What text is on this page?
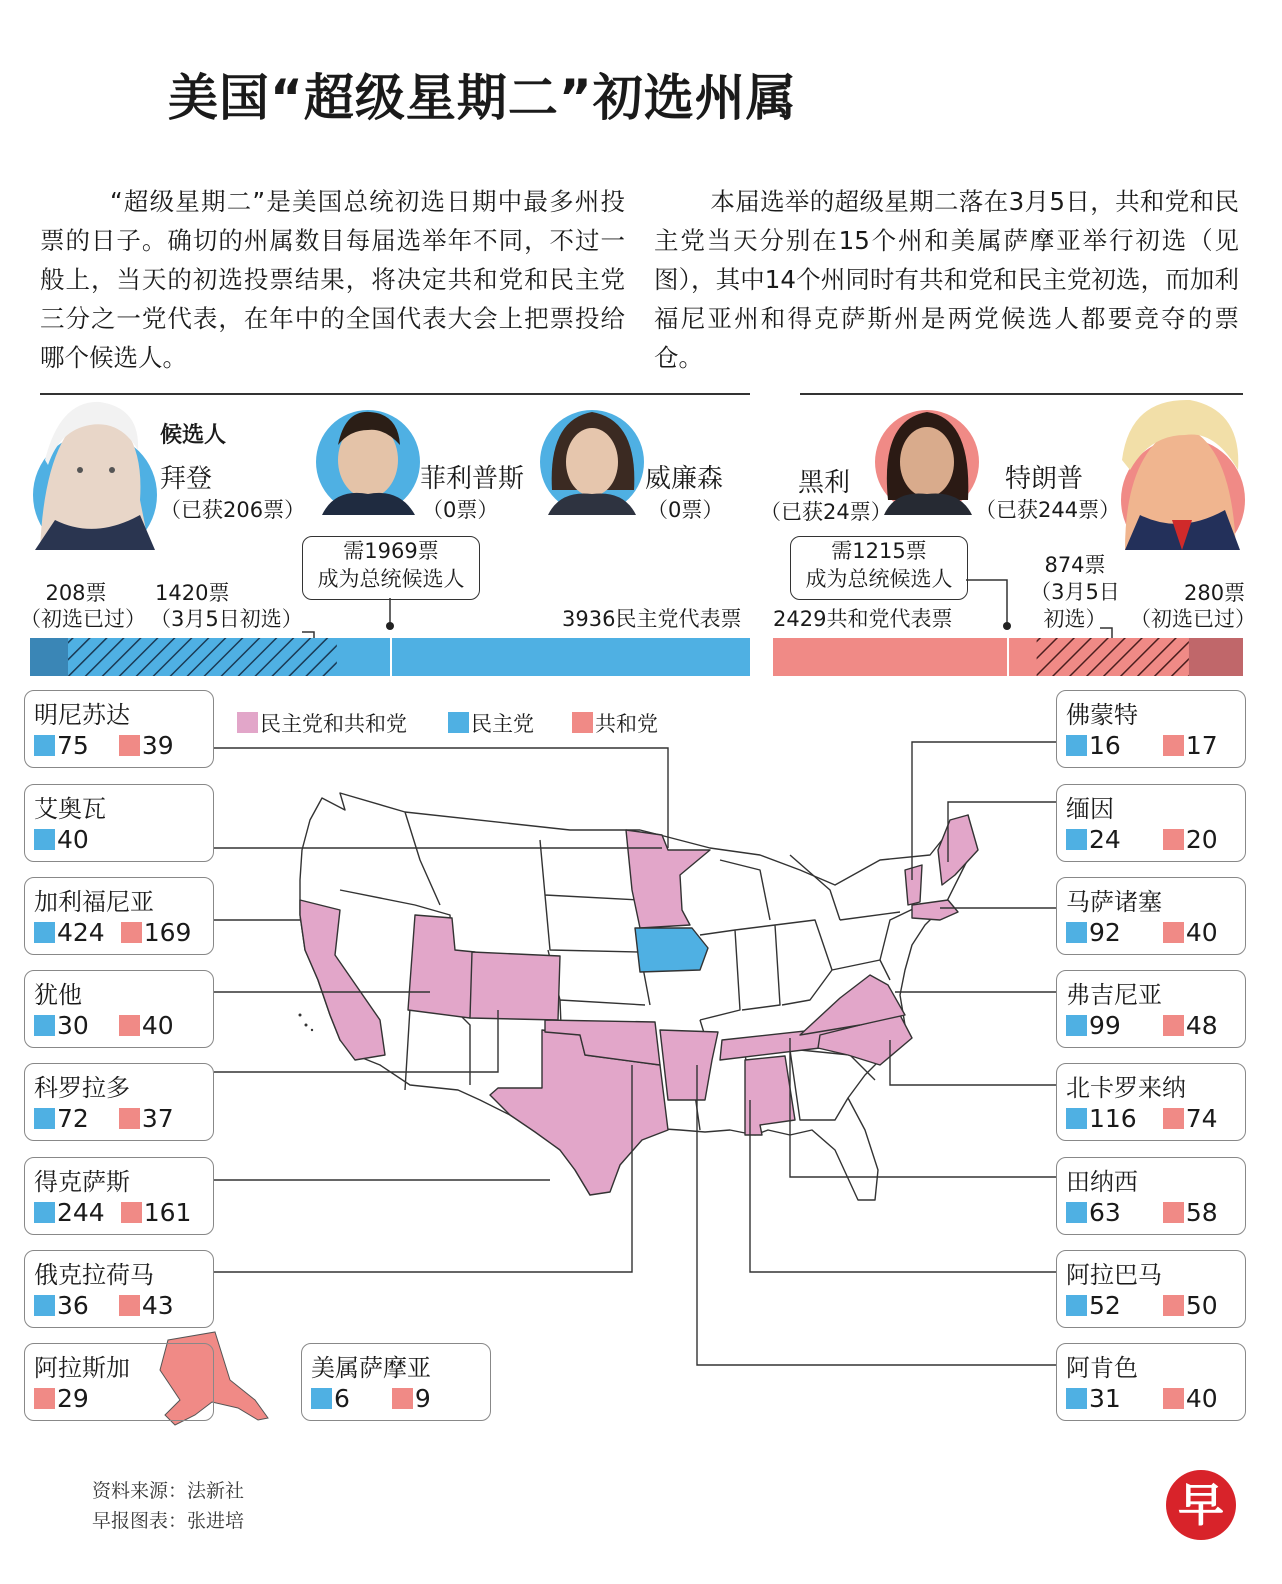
美国“超级星期二”初选州属
“超级星期二”是美国总统初选日期中最多州投票的日子。确切的州属数目每届选举年不同，不过一般上，当天的初选投票结果，将决定共和党和民主党三分之一党代表，在年中的全国代表大会上把票投给哪个候选人。
本届选举的超级星期二落在3月5日，共和党和民主党当天分别在15个州和美属萨摩亚举行初选（见图），其中14个州同时有共和党和民主党初选，而加利福尼亚州和得克萨斯州是两党候选人都要竞夺的票仓。
候选人
拜登
（已获206票）
菲利普斯
（0票）
威廉森
（0票）
黑利
（已获24票）
特朗普
（已获244票）
需1969票
成为总统候选人
208票
（初选已过）
1420票
（3月5日初选）	3936民主党代表票
需1215票
成为总统候选人
2429共和党代表票
874票
（3月5日
初选）
280票
（初选已过）
民主党和共和党	民主党	共和党
明尼苏达
75 39
艾奥瓦
40
加利福尼亚
424 169
犹他
30 40
科罗拉多
72 37
得克萨斯
244 161
俄克拉荷马
36 43
阿拉斯加
29
美属萨摩亚
6	9
佛蒙特
16	17
缅因
24	20
马萨诸塞
92	40
弗吉尼亚
99	48
北卡罗来纳
116 74
田纳西
63	58
阿拉巴马
52	50
阿肯色
31	40
资料来源：法新社
早报图表：张进培	早
